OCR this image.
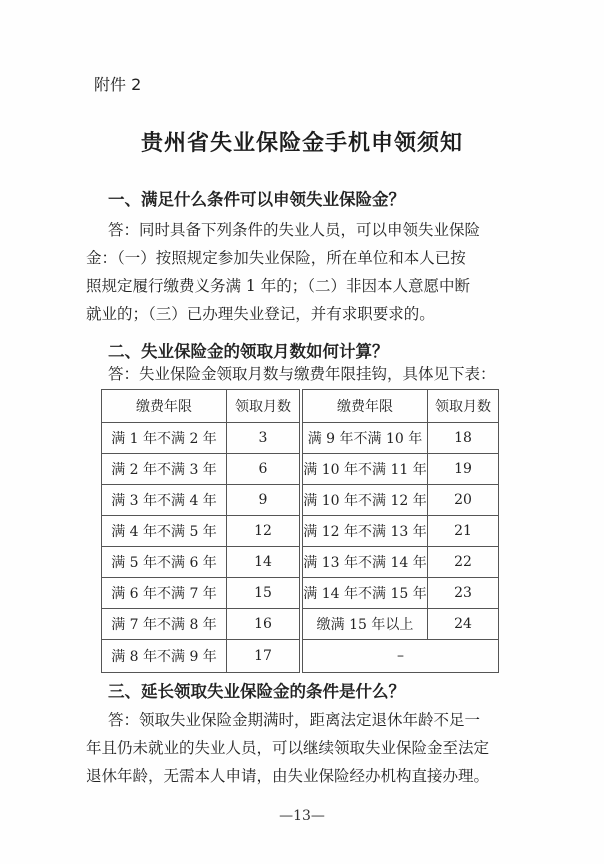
附件 2
贵州省失业保险金手机申领须知
一、满足什么条件可以申领失业保险金？
答：同时具备下列条件的失业人员，可以申领失业保险
金：（一）按照规定参加失业保险，所在单位和本人已按
照规定履行缴费义务满 1 年的；（二）非因本人意愿中断
就业的；（三）已办理失业登记，并有求职要求的。
二、失业保险金的领取月数如何计算？
答：失业保险金领取月数与缴费年限挂钩，具体见下表：
缴费年限	领取月数
满 1 年不满 2 年	3
满 2 年不满 3 年	6
满 3 年不满 4 年	9
满 4 年不满 5 年	12
满 5 年不满 6 年	14
满 6 年不满 7 年	15
满 7 年不满 8 年	16
满 8 年不满 9 年	17
缴费年限	领取月数
满 9 年不满 10 年	18
满 10 年不满 11 年	19
满 10 年不满 12 年	20
满 12 年不满 13 年	21
满 13 年不满 14 年	22
满 14 年不满 15 年	23
缴满 15 年以上	24
–	
三、延长领取失业保险金的条件是什么？
答：领取失业保险金期满时，距离法定退休年龄不足一
年且仍未就业的失业人员，可以继续领取失业保险金至法定
退休年龄，无需本人申请，由失业保险经办机构直接办理。
—13—
